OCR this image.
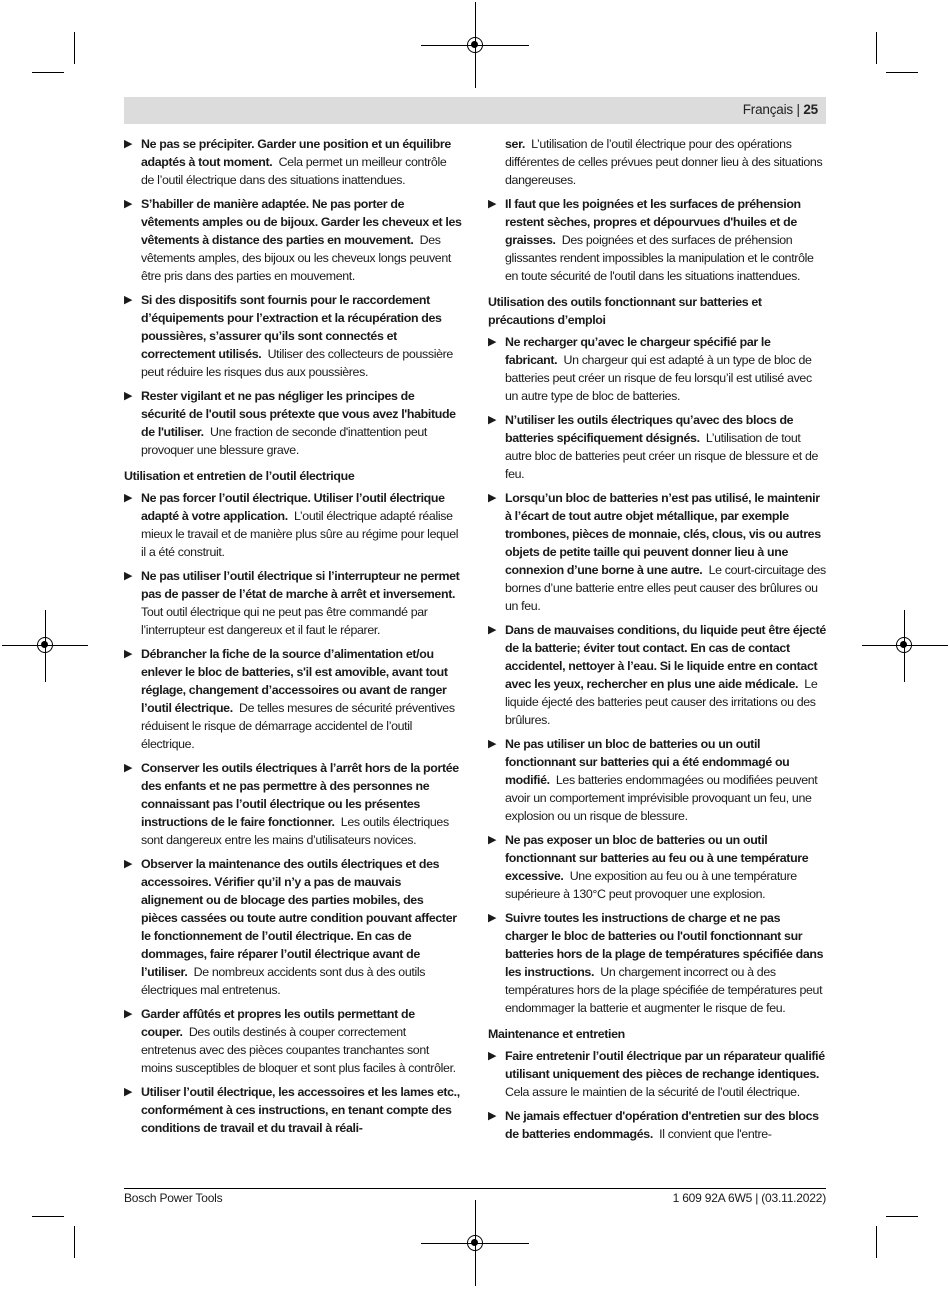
Français | 25
▶ Ne pas se précipiter. Garder une position et un équilibre adaptés à tout moment. Cela permet un meilleur contrôle de l’outil électrique dans des situations inattendues.
▶ S’habiller de manière adaptée. Ne pas porter de vêtements amples ou de bijoux. Garder les cheveux et les vêtements à distance des parties en mouvement. Des vêtements amples, des bijoux ou les cheveux longs peuvent être pris dans des parties en mouvement.
▶ Si des dispositifs sont fournis pour le raccordement d’équipements pour l’extraction et la récupération des poussières, s’assurer qu’ils sont connectés et correctement utilisés. Utiliser des collecteurs de poussière peut réduire les risques dus aux poussières.
▶ Rester vigilant et ne pas négliger les principes de sécurité de l'outil sous prétexte que vous avez l'habitude de l'utiliser. Une fraction de seconde d'inattention peut provoquer une blessure grave.
Utilisation et entretien de l’outil électrique
▶ Ne pas forcer l’outil électrique. Utiliser l’outil électrique adapté à votre application. L’outil électrique adapté réalise mieux le travail et de manière plus sûre au régime pour lequel il a été construit.
▶ Ne pas utiliser l’outil électrique si l’interrupteur ne permet pas de passer de l’état de marche à arrêt et inversement.  Tout outil électrique qui ne peut pas être commandé par l’interrupteur est dangereux et il faut le réparer.
▶ Débrancher la fiche de la source d’alimentation et/ou enlever le bloc de batteries, s'il est amovible, avant tout réglage, changement d’accessoires ou avant de ranger l’outil électrique. De telles mesures de sécurité préventives réduisent le risque de démarrage accidentel de l’outil électrique.
▶ Conserver les outils électriques à l’arrêt hors de la portée des enfants et ne pas permettre à des personnes ne connaissant pas l’outil électrique ou les présentes instructions de le faire fonctionner. Les outils électriques sont dangereux entre les mains d’utilisateurs novices.
▶ Observer la maintenance des outils électriques et des accessoires. Vérifier qu’il n’y a pas de mauvais alignement ou de blocage des parties mobiles, des pièces cassées ou toute autre condition pouvant affecter le fonctionnement de l’outil électrique. En cas de dommages, faire réparer l’outil électrique avant de l’utiliser. De nombreux accidents sont dus à des outils électriques mal entretenus.
▶ Garder affûtés et propres les outils permettant de couper. Des outils destinés à couper correctement entretenus avec des pièces coupantes tranchantes sont moins susceptibles de bloquer et sont plus faciles à contrôler.
▶ Utiliser l’outil électrique, les accessoires et les lames etc., conformément à ces instructions, en tenant compte des conditions de travail et du travail à réali-
ser. L’utilisation de l’outil électrique pour des opérations différentes de celles prévues peut donner lieu à des situations dangereuses.
▶ Il faut que les poignées et les surfaces de préhension restent sèches, propres et dépourvues d'huiles et de graisses. Des poignées et des surfaces de préhension glissantes rendent impossibles la manipulation et le contrôle en toute sécurité de l'outil dans les situations inattendues.
Utilisation des outils fonctionnant sur batteries et précautions d’emploi
▶ Ne recharger qu’avec le chargeur spécifié par le fabricant. Un chargeur qui est adapté à un type de bloc de batteries peut créer un risque de feu lorsqu’il est utilisé avec un autre type de bloc de batteries.
▶ N’utiliser les outils électriques qu’avec des blocs de batteries spécifiquement désignés. L’utilisation de tout autre bloc de batteries peut créer un risque de blessure et de feu.
▶ Lorsqu’un bloc de batteries n’est pas utilisé, le maintenir à l’écart de tout autre objet métallique, par exemple trombones, pièces de monnaie, clés, clous, vis ou autres objets de petite taille qui peuvent donner lieu à une connexion d’une borne à une autre. Le court-circuitage des bornes d’une batterie entre elles peut causer des brûlures ou un feu.
▶ Dans de mauvaises conditions, du liquide peut être éjecté de la batterie; éviter tout contact. En cas de contact accidentel, nettoyer à l’eau. Si le liquide entre en contact avec les yeux, rechercher en plus une aide médicale. Le liquide éjecté des batteries peut causer des irritations ou des brûlures.
▶ Ne pas utiliser un bloc de batteries ou un outil fonctionnant sur batteries qui a été endommagé ou modifié. Les batteries endommagées ou modifiées peuvent avoir un comportement imprévisible provoquant un feu, une explosion ou un risque de blessure.
▶ Ne pas exposer un bloc de batteries ou un outil fonctionnant sur batteries au feu ou à une température excessive. Une exposition au feu ou à une température supérieure à 130°C peut provoquer une explosion.
▶ Suivre toutes les instructions de charge et ne pas charger le bloc de batteries ou l'outil fonctionnant sur batteries hors de la plage de températures spécifiée dans les instructions. Un chargement incorrect ou à des températures hors de la plage spécifiée de températures peut endommager la batterie et augmenter le risque de feu.
Maintenance et entretien
▶ Faire entretenir l’outil électrique par un réparateur qualifié utilisant uniquement des pièces de rechange identiques.  Cela assure le maintien de la sécurité de l’outil électrique.
▶ Ne jamais effectuer d'opération d'entretien sur des blocs de batteries endommagés. Il convient que l'entre-
Bosch Power Tools	1 609 92A 6W5 | (03.11.2022)
